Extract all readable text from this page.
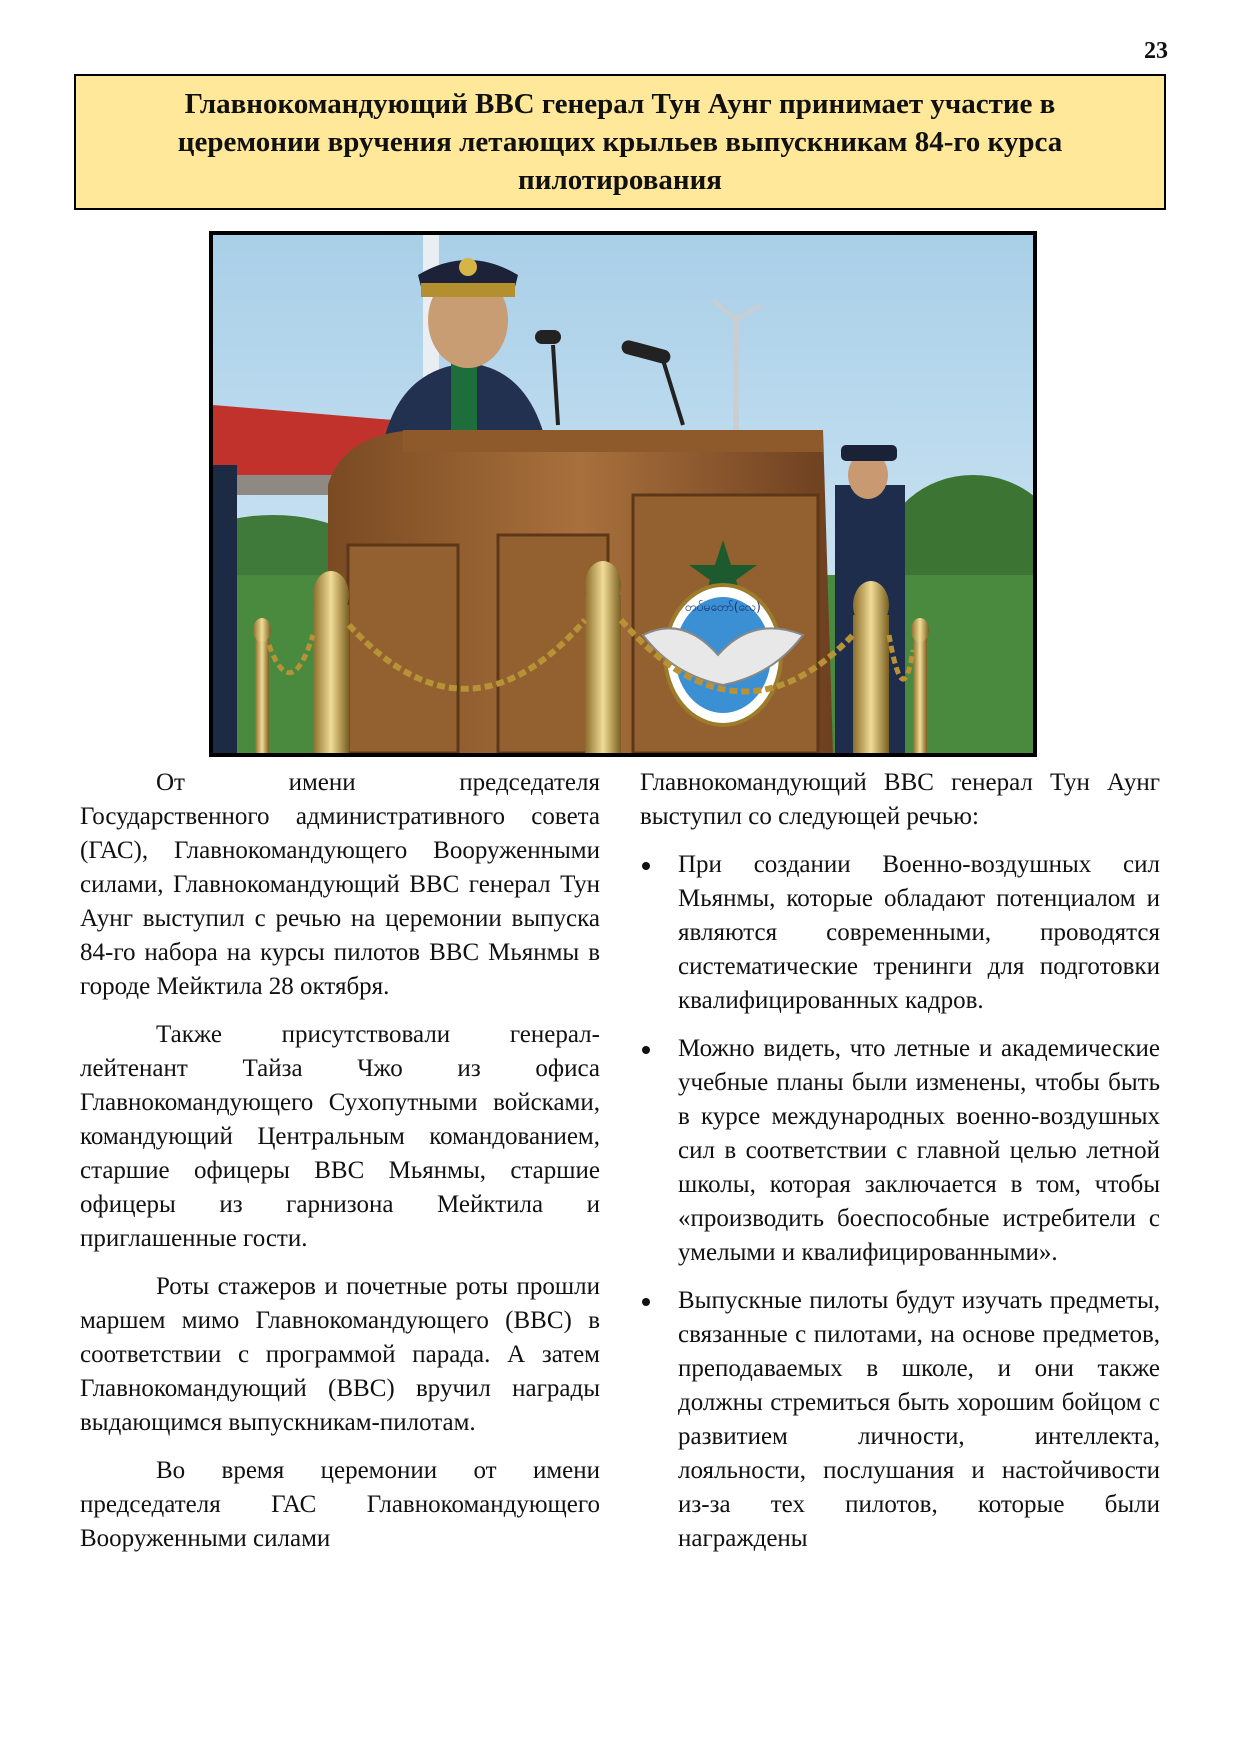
23
Главнокомандующий ВВС генерал Тун Аунг принимает участие в церемонии вручения летающих крыльев выпускникам 84-го курса пилотирования
တပ်မတော်(လေ)

От имени председателя Государственного административного совета (ГАС), Главнокомандующего Вооруженными силами, Главнокомандующий ВВС генерал Тун Аунг выступил с речью на церемонии выпуска 84-го набора на курсы пилотов ВВС Мьянмы в городе Мейктила 28 октября.

Также присутствовали генерал-лейтенант Тайза Чжо из офиса Главнокомандующего Сухопутными войсками, командующий Центральным командованием, старшие офицеры ВВС Мьянмы, старшие офицеры из гарнизона Мейктила и приглашенные гости.

Роты стажеров и почетные роты прошли маршем мимо Главнокомандующего (ВВС) в соответствии с программой парада. А затем Главнокомандующий (ВВС) вручил награды выдающимся выпускникам-пилотам.

Во время церемонии от имени председателя ГАС Главнокомандующего Вооруженными силами

Главнокомандующий ВВС генерал Тун Аунг выступил со следующей речью:

При создании Военно-воздушных сил Мьянмы, которые обладают потенциалом и являются современными, проводятся систематические тренинги для подготовки квалифицированных кадров.
Можно видеть, что летные и академические учебные планы были изменены, чтобы быть в курсе международных военно-воздушных сил в соответствии с главной целью летной школы, которая заключается в том, чтобы «производить боеспособные истребители с умелыми и квалифицированными».
Выпускные пилоты будут изучать предметы, связанные с пилотами, на основе предметов, преподаваемых в школе, и они также должны стремиться быть хорошим бойцом с развитием личности, интеллекта, лояльности, послушания и настойчивости из-за тех пилотов, которые были награждены
